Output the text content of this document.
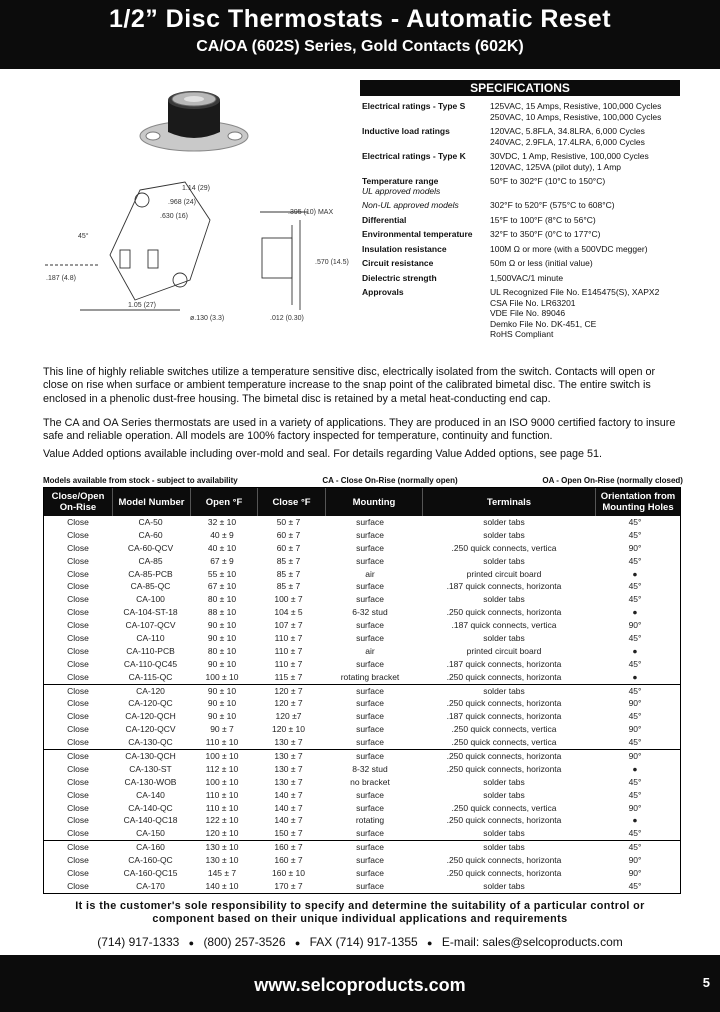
1/2” Disc Thermostats - Automatic Reset
CA/OA (602S) Series, Gold Contacts (602K)
45°
1.14 (29)
.968 (24)
.630 (16)
.187 (4.8)
1.05 (27)
ø.130 (3.3)
.395 (10) MAX
.570 (14.5)
.012 (0.30)
SPECIFICATIONS
Electrical ratings - Type S	125VAC, 15 Amps, Resistive, 100,000 Cycles
250VAC, 10 Amps, Resistive, 100,000 Cycles
Inductive load ratings	120VAC, 5.8FLA, 34.8LRA, 6,000 Cycles
240VAC, 2.9FLA, 17.4LRA, 6,000 Cycles
Electrical ratings - Type K	30VDC, 1 Amp, Resistive, 100,000 Cycles
120VAC, 125VA (pilot duty), 1 Amp
Temperature range
UL approved models
50°F to 302°F (10°C to 150°C)
Non-UL approved models	302°F to 520°F (575°C to 608°C)
Differential	15°F to 100°F (8°C to 56°C)
Environmental temperature	32°F to 350°F (0°C to 177°C)
Insulation resistance	100M Ω or more (with a 500VDC megger)
Circuit resistance	50m Ω or less (initial value)
Dielectric strength	1,500VAC/1 minute
Approvals	UL Recognized File No. E145475(S), XAPX2
CSA File No. LR63201
VDE File No. 89046
Demko File No. DK-451, CE
RoHS Compliant
This line of highly reliable switches utilize a temperature sensitive disc, electrically isolated from the switch. Contacts will open or close on rise when surface or ambient temperature increase to the snap point of the calibrated bimetal disc. The entire switch is enclosed in a phenolic dust-free housing. The bimetal disc is retained by a metal heat-conducting end cap.
The CA and OA Series thermostats are used in a variety of applications. They are produced in an ISO 9000 certified factory to insure safe and reliable operation. All models are 100% factory inspected for temperature, continuity and function.
Value Added options available including over-mold and seal. For details regarding Value Added options, see page 51.
Models available from stock - subject to availability	CA - Close On-Rise (normally open)	OA - Open On-Rise (normally closed)
Close/Open On-Rise	Model Number	Open °F	Close °F	Mounting	Terminals	Orientation from Mounting Holes
Close	CA-50	32 ± 10	50 ± 7	surface	solder tabs	45°
Close	CA-60	40 ± 9	60 ± 7	surface	solder tabs	45°
Close	CA-60-QCV	40 ± 10	60 ± 7	surface	.250 quick connects, vertica	90°
Close	CA-85	67 ± 9	85 ± 7	surface	solder tabs	45°
Close	CA-85-PCB	55 ± 10	85 ± 7	air	printed circuit board	●
Close	CA-85-QC	67 ± 10	85 ± 7	surface	.187 quick connects, horizonta	45°
Close	CA-100	80 ± 10	100 ± 7	surface	solder tabs	45°
Close	CA-104-ST-18	88 ± 10	104 ± 5	6-32 stud	.250 quick connects, horizonta	●
Close	CA-107-QCV	90 ± 10	107 ± 7	surface	.187 quick connects, vertica	90°
Close	CA-110	90 ± 10	110 ± 7	surface	solder tabs	45°
Close	CA-110-PCB	80 ± 10	110 ± 7	air	printed circuit board	●
Close	CA-110-QC45	90 ± 10	110 ± 7	surface	.187 quick connects, horizonta	45°
Close	CA-115-QC	100 ± 10	115 ± 7	rotating bracket	.250 quick connects, horizonta	●
Close	CA-120	90 ± 10	120 ± 7	surface	solder tabs	45°
Close	CA-120-QC	90 ± 10	120 ± 7	surface	.250 quick connects, horizonta	90°
Close	CA-120-QCH	90 ± 10	120 ±7	surface	.187 quick connects, horizonta	45°
Close	CA-120-QCV	90 ± 7	120 ± 10	surface	.250 quick connects, vertica	90°
Close	CA-130-QC	110 ± 10	130 ± 7	surface	.250 quick connects, vertica	45°
Close	CA-130-QCH	100 ± 10	130 ± 7	surface	.250 quick connects, horizonta	90°
Close	CA-130-ST	112 ± 10	130 ± 7	8-32 stud	.250 quick connects, horizonta	●
Close	CA-130-WOB	100 ± 10	130 ± 7	no bracket	solder tabs	45°
Close	CA-140	110 ± 10	140 ± 7	surface	solder tabs	45°
Close	CA-140-QC	110 ± 10	140 ± 7	surface	.250 quick connects, vertica	90°
Close	CA-140-QC18	122 ± 10	140 ± 7	rotating	.250 quick connects, horizonta	●
Close	CA-150	120 ± 10	150 ± 7	surface	solder tabs	45°
Close	CA-160	130 ± 10	160 ± 7	surface	solder tabs	45°
Close	CA-160-QC	130 ± 10	160 ± 7	surface	.250 quick connects, horizonta	90°
Close	CA-160-QC15	145 ± 7	160 ± 10	surface	.250 quick connects, horizonta	90°
Close	CA-170	140 ± 10	170 ± 7	surface	solder tabs	45°
It is the customer's sole responsibility to specify and determine the suitability of a particular control or component based on their unique individual applications and requirements
(714) 917-1333 ● (800) 257-3526 ● FAX (714) 917-1355 ● E-mail: sales@selcoproducts.com
www.selcoproducts.com	5
